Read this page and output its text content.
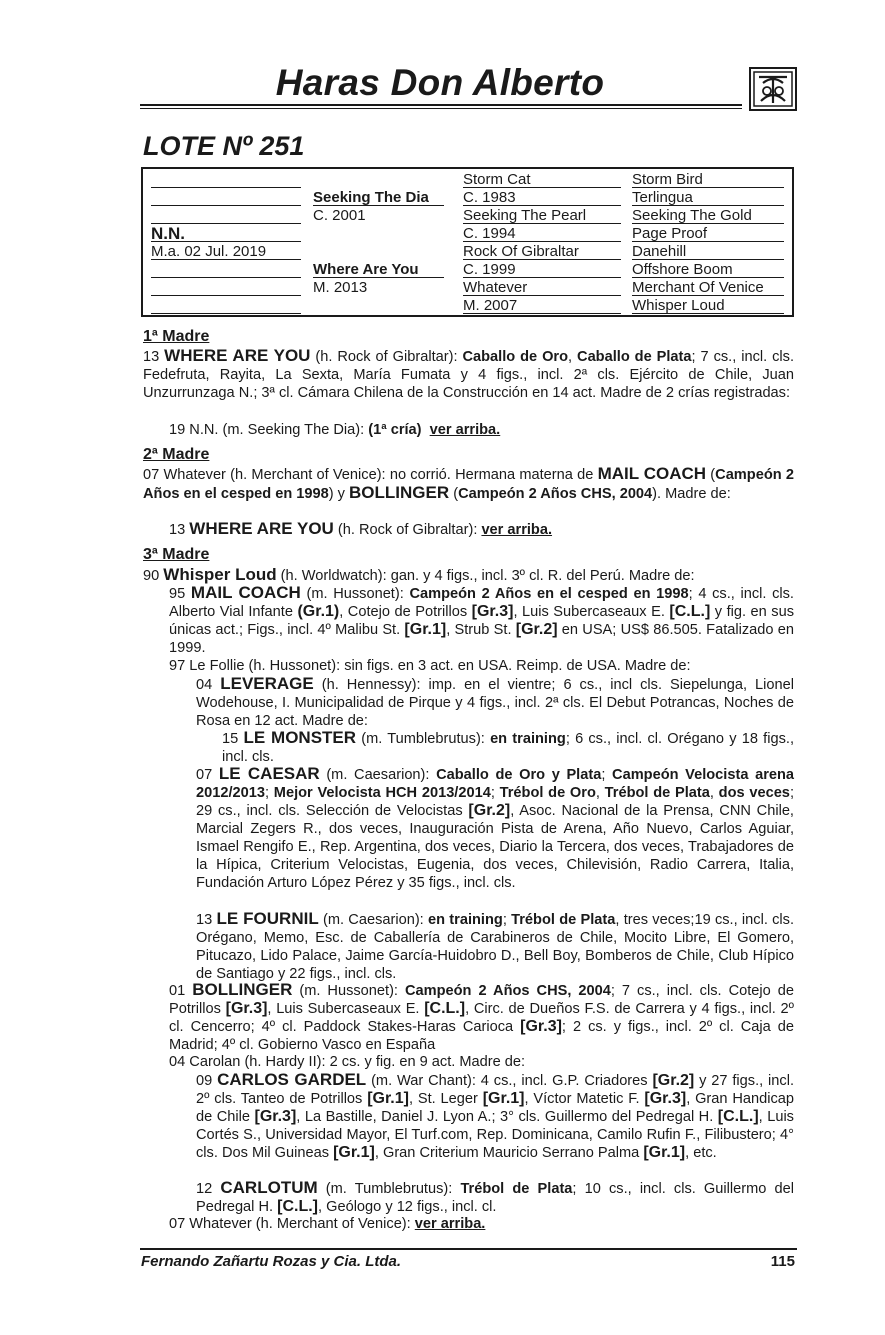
Haras Don Alberto
LOTE Nº 251
N.N.
M.a. 02 Jul. 2019
Seeking The Dia
C. 2001
Where Are You
M. 2013
Storm Cat
C. 1983
Seeking The Pearl
C. 1994
Rock Of Gibraltar
C. 1999
Whatever
M. 2007
Storm Bird
Terlingua
Seeking The Gold
Page Proof
Danehill
Offshore Boom
Merchant Of Venice
Whisper Loud
1ª Madre
13 WHERE ARE YOU (h. Rock of Gibraltar): Caballo de Oro, Caballo de Plata; 7 cs., incl. cls. Fedefruta, Rayita, La Sexta, María Fumata y 4 figs., incl. 2ª cls. Ejército de Chile, Juan Unzurrunzaga N.; 3ª cl. Cámara Chilena de la Construcción en 14 act. Madre de 2 crías registradas:
19 N.N. (m. Seeking The Dia): (1ª cría) ver arriba.
2ª Madre
07 Whatever (h. Merchant of Venice): no corrió. Hermana materna de MAIL COACH (Campeón 2 Años en el cesped en 1998) y BOLLINGER (Campeón 2 Años CHS, 2004). Madre de:
13 WHERE ARE YOU (h. Rock of Gibraltar): ver arriba.
3ª Madre
90 Whisper Loud (h. Worldwatch): gan. y 4 figs., incl. 3º cl. R. del Perú. Madre de:
95 MAIL COACH (m. Hussonet): Campeón 2 Años en el cesped en 1998; 4 cs., incl. cls. Alberto Vial Infante (Gr.1), Cotejo de Potrillos [Gr.3], Luis Subercaseaux E. [C.L.] y fig. en sus únicas act.; Figs., incl. 4º Malibu St. [Gr.1], Strub St. [Gr.2] en USA; US$ 86.505. Fatalizado en 1999.
97 Le Follie (h. Hussonet): sin figs. en 3 act. en USA. Reimp. de USA. Madre de:
04 LEVERAGE (h. Hennessy): imp. en el vientre; 6 cs., incl cls. Siepelunga, Lionel Wodehouse, I. Municipalidad de Pirque y 4 figs., incl. 2ª cls. El Debut Potrancas, Noches de Rosa en 12 act. Madre de:
15 LE MONSTER (m. Tumblebrutus): en training; 6 cs., incl. cl. Orégano y 18 figs., incl. cls.
07 LE CAESAR (m. Caesarion): Caballo de Oro y Plata; Campeón Velocista arena 2012/2013; Mejor Velocista HCH 2013/2014; Trébol de Oro, Trébol de Plata, dos veces; 29 cs., incl. cls. Selección de Velocistas [Gr.2], Asoc. Nacional de la Prensa, CNN Chile, Marcial Zegers R., dos veces, Inauguración Pista de Arena, Año Nuevo, Carlos Aguiar, Ismael Rengifo E., Rep. Argentina, dos veces, Diario la Tercera, dos veces, Trabajadores de la Hípica, Criterium Velocistas, Eugenia, dos veces, Chilevisión, Radio Carrera, Italia, Fundación Arturo López Pérez y 35 figs., incl. cls.
13 LE FOURNIL (m. Caesarion): en training; Trébol de Plata, tres veces;19 cs., incl. cls. Orégano, Memo, Esc. de Caballería de Carabineros de Chile, Mocito Libre, El Gomero, Pitucazo, Lido Palace, Jaime García-Huidobro D., Bell Boy, Bomberos de Chile, Club Hípico de Santiago y 22 figs., incl. cls.
01 BOLLINGER (m. Hussonet): Campeón 2 Años CHS, 2004; 7 cs., incl. cls. Cotejo de Potrillos [Gr.3], Luis Subercaseaux E. [C.L.], Circ. de Dueños F.S. de Carrera y 4 figs., incl. 2º cl. Cencerro; 4º cl. Paddock Stakes-Haras Carioca [Gr.3]; 2 cs. y figs., incl. 2º cl. Caja de Madrid; 4º cl. Gobierno Vasco en España
04 Carolan (h. Hardy II): 2 cs. y fig. en 9 act. Madre de:
09 CARLOS GARDEL (m. War Chant): 4 cs., incl. G.P. Criadores [Gr.2] y 27 figs., incl. 2º cls. Tanteo de Potrillos [Gr.1], St. Leger [Gr.1], Víctor Matetic F. [Gr.3], Gran Handicap de Chile [Gr.3], La Bastille, Daniel J. Lyon A.; 3° cls. Guillermo del Pedregal H. [C.L.], Luis Cortés S., Universidad Mayor, El Turf.com, Rep. Dominicana, Camilo Rufin F., Filibustero; 4° cls. Dos Mil Guineas [Gr.1], Gran Criterium Mauricio Serrano Palma [Gr.1], etc.
12 CARLOTUM (m. Tumblebrutus): Trébol de Plata; 10 cs., incl. cls. Guillermo del Pedregal H. [C.L.], Geólogo y 12 figs., incl. cl.
07 Whatever (h. Merchant of Venice): ver arriba.
Fernando Zañartu Rozas y Cia. Ltda.	115
